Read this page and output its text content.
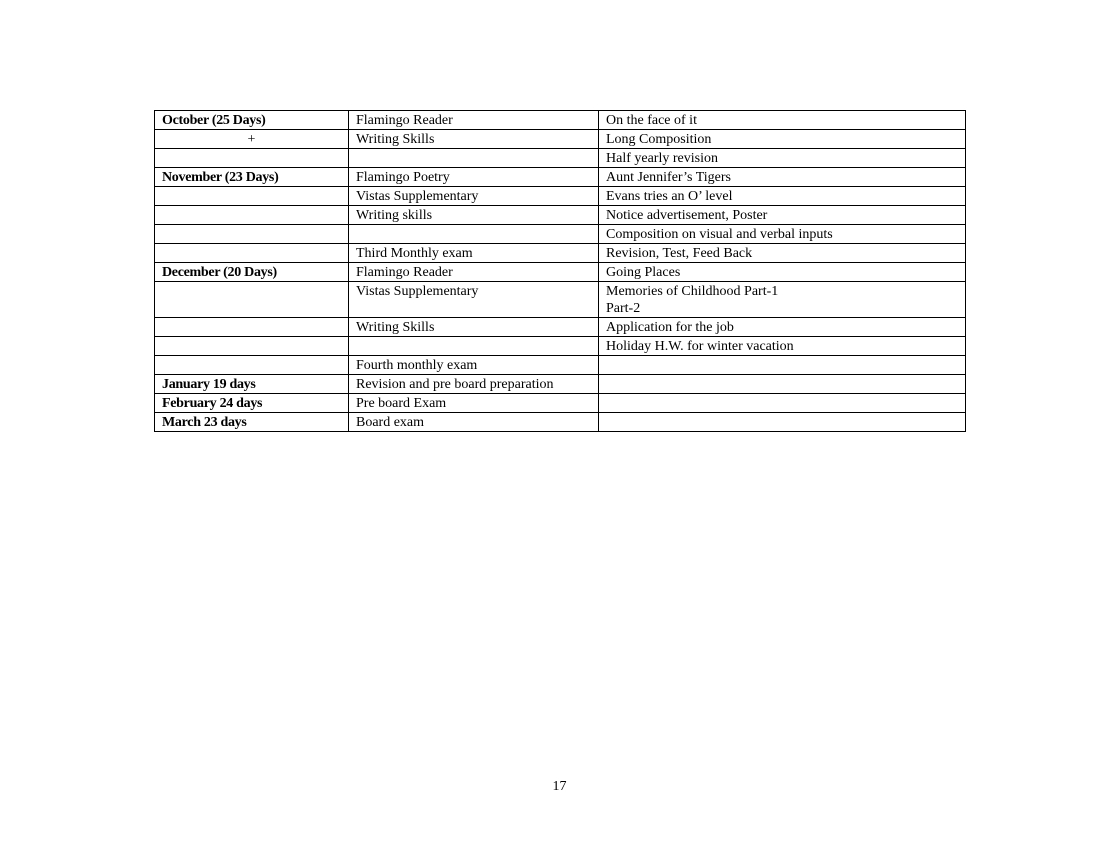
October (25 Days)	Flamingo Reader	On the face of it
+	Writing Skills	Long Composition
		Half yearly revision
November (23 Days)	Flamingo Poetry	Aunt Jennifer’s Tigers
	Vistas Supplementary	Evans tries an O’ level
	Writing skills	Notice advertisement, Poster
		Composition on visual and verbal inputs
	Third Monthly exam	Revision, Test, Feed Back
December (20 Days)	Flamingo Reader	Going Places
	Vistas Supplementary	Memories of Childhood Part-1
Part-2

	Writing Skills	Application for the job
		Holiday H.W. for winter vacation
	Fourth monthly exam	
January 19 days	Revision and pre board preparation	
February 24 days	Pre board Exam	
March 23 days	Board exam	
17
